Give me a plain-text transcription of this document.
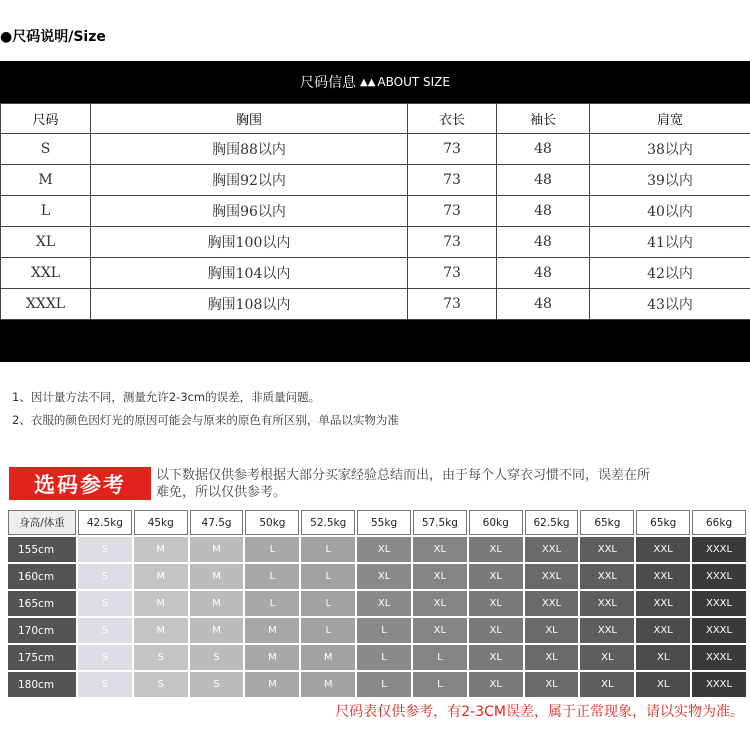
●尺码说明/Size
尺码信息 ▲▲ ABOUT SIZE
尺码	胸围	衣长	袖长	肩宽
S	胸围88以内	73	48	38以内
M	胸围92以内	73	48	39以内
L	胸围96以内	73	48	40以内
XL	胸围100以内	73	48	41以内
XXL	胸围104以内	73	48	42以内
XXXL	胸围108以内	73	48	43以内
1、因计量方法不同，测量允许2-3cm的误差，非质量问题。
2、衣服的颜色因灯光的原因可能会与原来的原色有所区别，单品以实物为准
选码参考	以下数据仅供参考根据大部分买家经验总结而出，由于每个人穿衣习惯不同，误差在所难免，所以仅供参考。
身高/体重	42.5kg	45kg	47.5g	50kg	52.5kg	55kg	57.5kg	60kg	62.5kg	65kg	65kg	66kg
155cm	S	M	M	L	L	XL	XL	XL	XXL	XXL	XXL	XXXL
160cm	S	M	M	L	L	XL	XL	XL	XXL	XXL	XXL	XXXL
165cm	S	M	M	L	L	XL	XL	XL	XXL	XXL	XXL	XXXL
170cm	S	M	M	M	L	L	XL	XL	XL	XXL	XXL	XXXL
175cm	S	S	S	M	M	L	L	XL	XL	XL	XL	XXXL
180cm	S	S	S	M	M	L	L	XL	XL	XL	XL	XXXL
尺码表仅供参考，有2-3CM误差，属于正常现象，请以实物为准。
